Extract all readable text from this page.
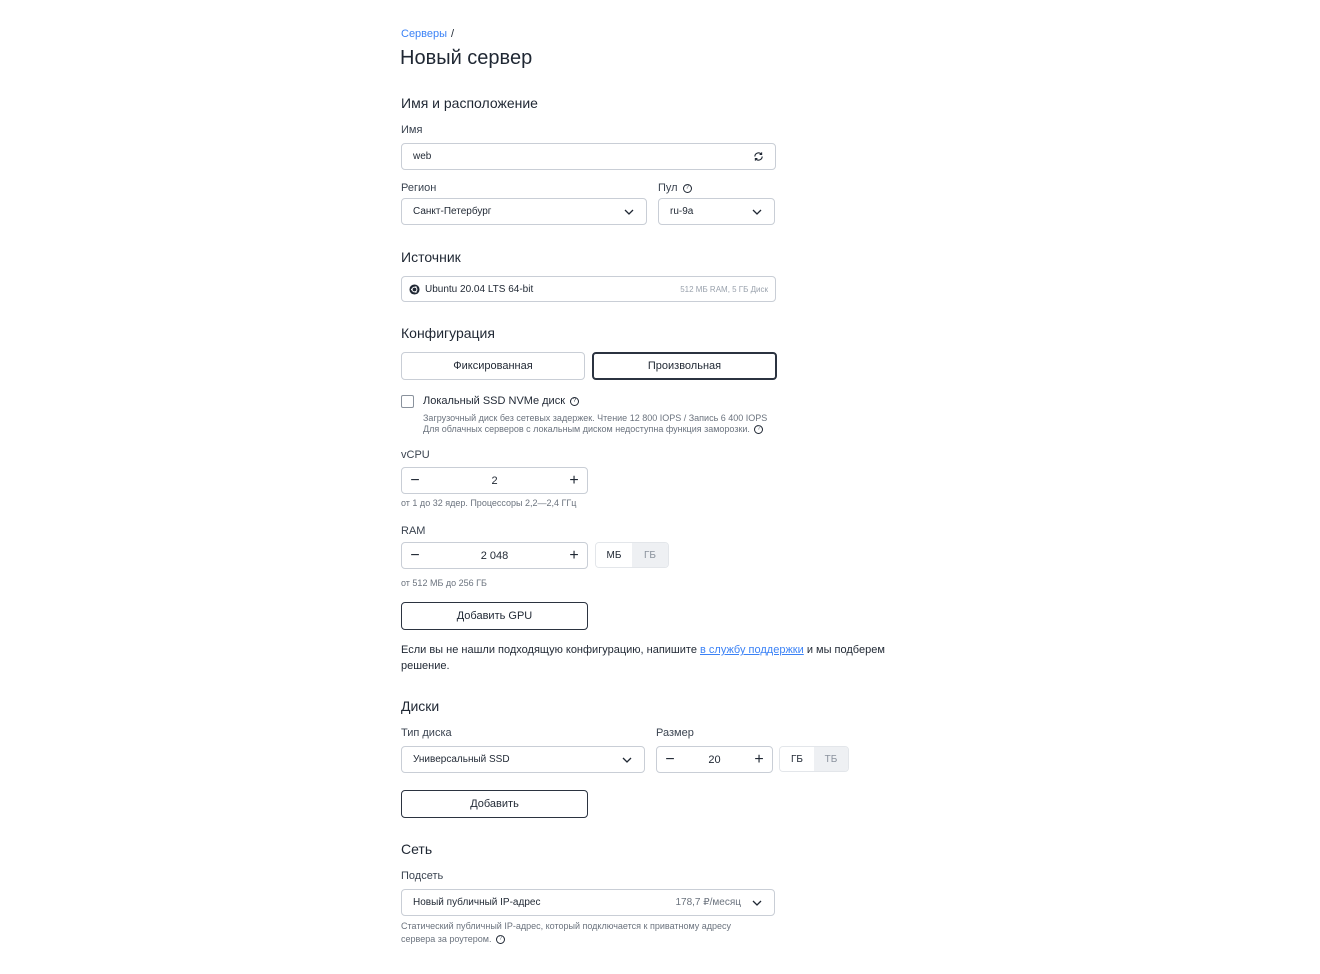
Серверы /
Новый сервер
Имя и расположение
Имя
web
Регион
Санкт-Петербург
Пул ?
ru-9a
Источник
Ubuntu 20.04 LTS 64-bit	512 МБ RAM, 5 ГБ Диск
Конфигурация
Фиксированная	Произвольная
Локальный SSD NVMe диск ?
Загрузочный диск без сетевых задержек. Чтение 12 800 IOPS / Запись 6 400 IOPS
Для облачных серверов с локальным диском недоступна функция заморозки. ?
vCPU
−	2	+
от 1 до 32 ядер. Процессоры 2,2—2,4 ГГц
RAM
−	2 048	+	МБ	ГБ
от 512 МБ до 256 ГБ
Добавить GPU
Если вы не нашли подходящую конфигурацию, напишите в службу поддержки и мы подберем
решение.
Диски
Тип диска
Универсальный SSD
Размер
−	20	+	ГБ	ТБ
Добавить
Сеть
Подсеть
Новый публичный IP-адрес	178,7 ₽/месяц
Статический публичный IP-адрес, который подключается к приватному адресу
сервера за роутером. ?
